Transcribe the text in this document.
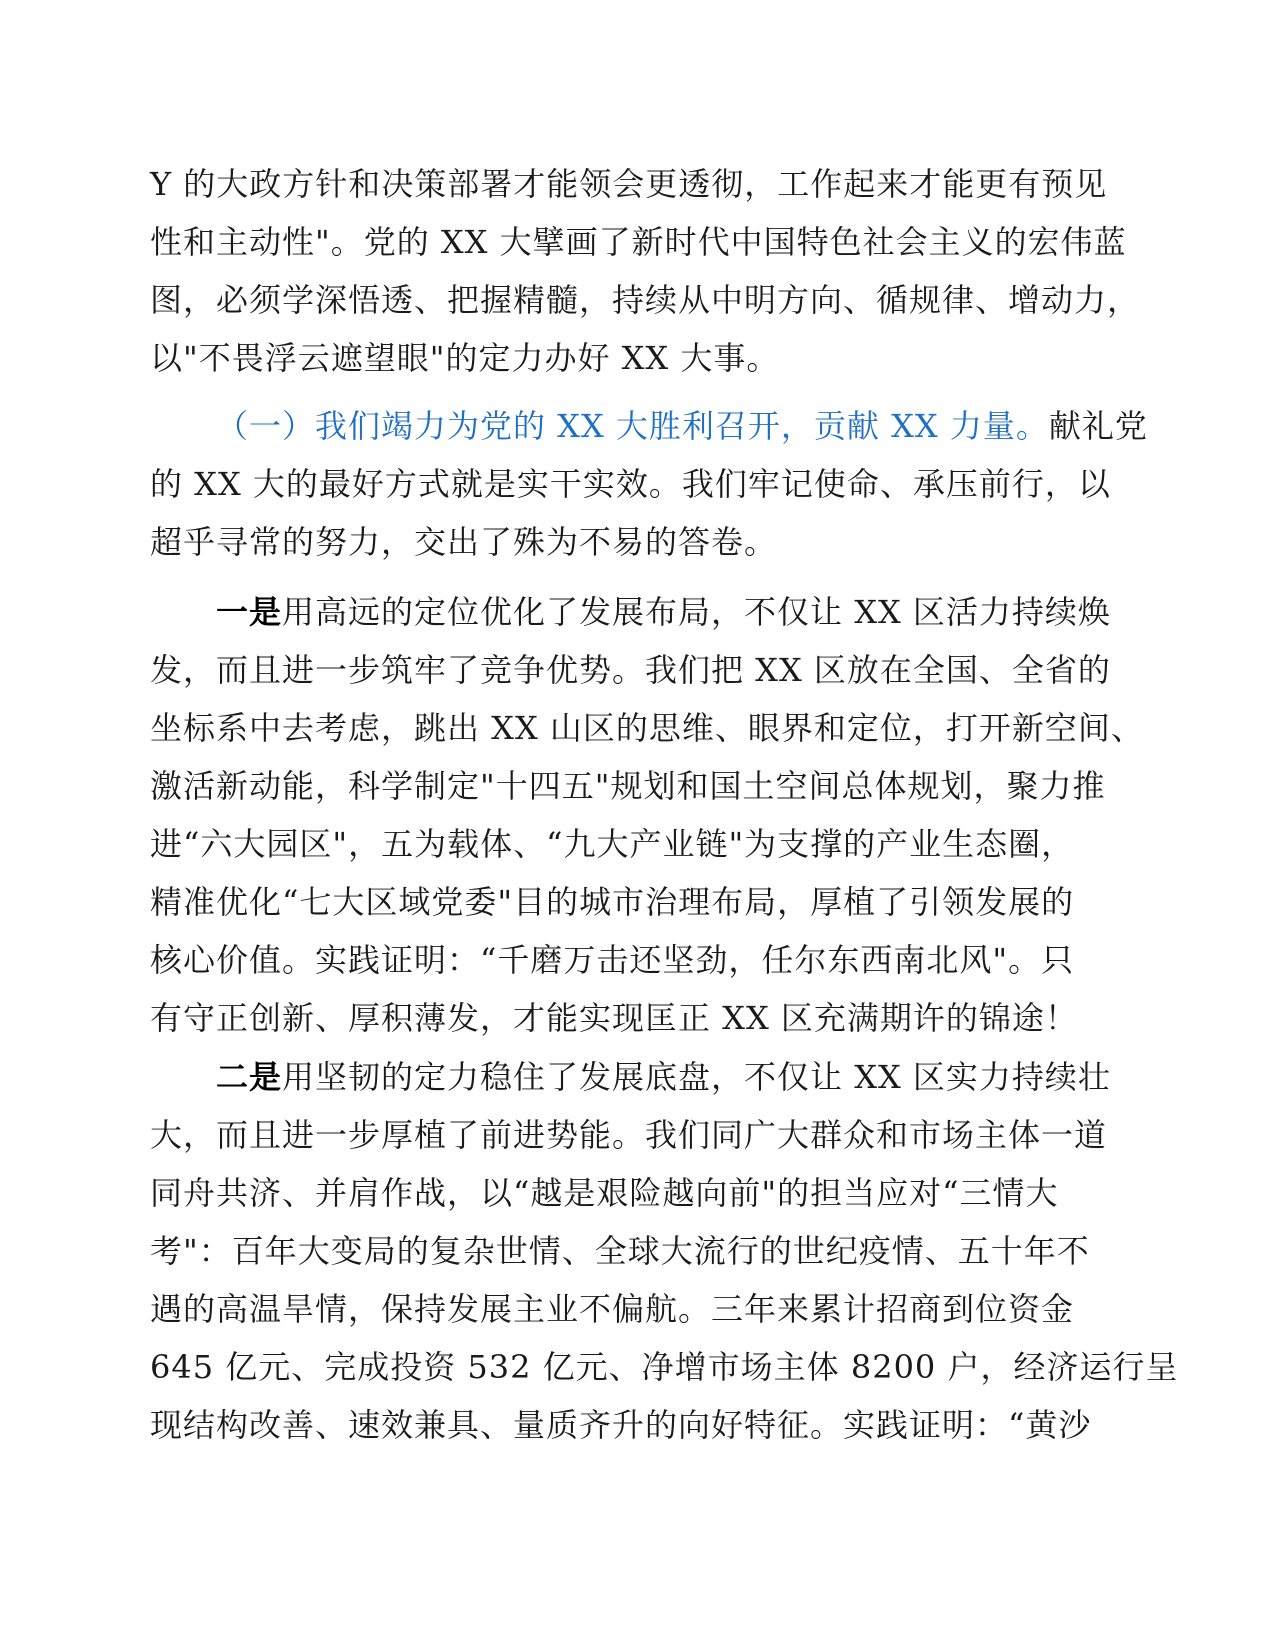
Y 的大政方针和决策部署才能领会更透彻，工作起来才能更有预见
性和主动性"。党的 XX 大擘画了新时代中国特色社会主义的宏伟蓝
图，必须学深悟透、把握精髓，持续从中明方向、循规律、增动力，
以"不畏浮云遮望眼"的定力办好 XX 大事。
（一）我们竭力为党的 XX 大胜利召开，贡献 XX 力量。献礼党
的 XX 大的最好方式就是实干实效。我们牢记使命、承压前行，以
超乎寻常的努力，交出了殊为不易的答卷。
一是用高远的定位优化了发展布局，不仅让 XX 区活力持续焕
发，而且进一步筑牢了竞争优势。我们把 XX 区放在全国、全省的
坐标系中去考虑，跳出 XX 山区的思维、眼界和定位，打开新空间、
激活新动能，科学制定"十四五"规划和国土空间总体规划，聚力推
进“六大园区"，五为载体、“九大产业链"为支撑的产业生态圈，
精准优化“七大区域党委"目的城市治理布局，厚植了引领发展的
核心价值。实践证明：“千磨万击还坚劲，任尔东西南北风"。只
有守正创新、厚积薄发，才能实现匡正 XX 区充满期许的锦途！
二是用坚韧的定力稳住了发展底盘，不仅让 XX 区实力持续壮
大，而且进一步厚植了前进势能。我们同广大群众和市场主体一道
同舟共济、并肩作战，以“越是艰险越向前"的担当应对“三情大
考"：百年大变局的复杂世情、全球大流行的世纪疫情、五十年不
遇的高温旱情，保持发展主业不偏航。三年来累计招商到位资金
645 亿元、完成投资 532 亿元、净增市场主体 8200 户，经济运行呈
现结构改善、速效兼具、量质齐升的向好特征。实践证明：“黄沙
